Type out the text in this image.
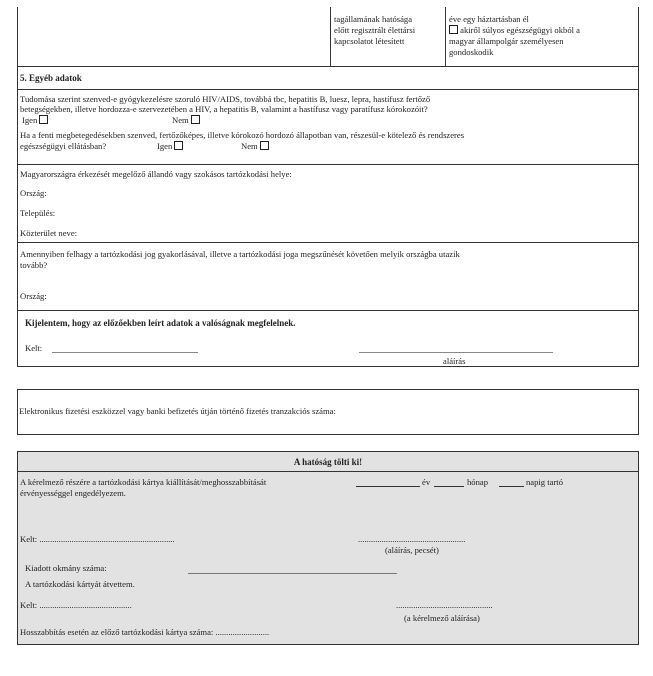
tagállamának hatósága
előtt regisztrált élettársi
kapcsolatot létesített
éve egy háztartásban él
akiről súlyos egészségügyi okból a
magyar állampolgár személyesen
gondoskodik
5. Egyéb adatok
Tudomása szerint szenved-e gyógykezelésre szoruló HIV/AIDS, továbbá tbc, hepatitis B, luesz, lepra, hastífusz fertőző
betegségekben, illetve hordozza-e szervezetében a HIV, a hepatitis B, valamint a hastífusz vagy paratífusz kórokozóit?
Igen	Nem
Ha a fenti megbetegedésekben szenved, fertőzőképes, illetve kórokozó hordozó állapotban van, részesül-e kötelező és rendszeres
egészségügyi ellátásban?	Igen	Nem
Magyarországra érkezését megelőző állandó vagy szokásos tartózkodási helye:
Ország:
Település:
Közterület neve:
Amennyiben felhagy a tartózkodási jog gyakorlásával, illetve a tartózkodási joga megszűnését követően melyik országba utazik
tovább?
Ország:
Kijelentem, hogy az előzőekben leírt adatok a valóságnak megfelelnek.
Kelt:
aláírás
Elektronikus fizetési eszközzel vagy banki befizetés útján történő fizetés tranzakciós száma:
A hatóság tölti ki!
A kérelmező részére a tartózkodási kártya kiállítását/meghosszabbítását	év	hónap	napig tartó
érvényességgel engedélyezem.
Kelt: ...............................................................	..................................................
(aláírás, pecsét)
Kiadott okmány száma:
A tartózkodási kártyát átvettem.
Kelt: ...........................................	.............................................
(a kérelmező aláírása)
Hosszabbítás esetén az előző tartózkodási kártya száma: .........................
